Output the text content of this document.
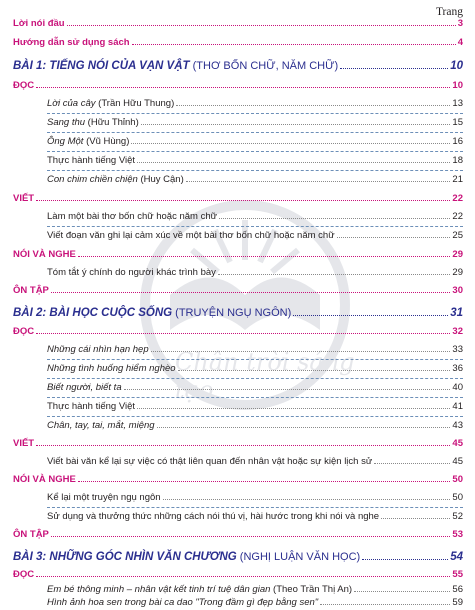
Chân trời sáng tạo
Trang
Lời nói đầu	3
Hướng dẫn sử dụng sách	4
BÀI 1: TIẾNG NÓI CỦA VẠN VẬT (THƠ BỐN CHỮ, NĂM CHỮ)	10
ĐỌC	10
Lời của cây (Trần Hữu Thung)	13
Sang thu (Hữu Thỉnh)	15
Ông Một (Vũ Hùng)	16
Thực hành tiếng Việt	18
Con chim chiền chiện (Huy Cận)	21
VIẾT	22
Làm một bài thơ bốn chữ hoặc năm chữ	22
Viết đoạn văn ghi lại cảm xúc về một bài thơ bốn chữ hoặc năm chữ	25
NÓI VÀ NGHE	29
Tóm tắt ý chính do người khác trình bày	29
ÔN TẬP	30
BÀI 2: BÀI HỌC CUỘC SỐNG (TRUYỆN NGỤ NGÔN)	31
ĐỌC	32
Những cái nhìn hạn hẹp	33
Những tình huống hiểm nghèo	36
Biết người, biết ta	40
Thực hành tiếng Việt	41
Chân, tay, tai, mắt, miệng	43
VIẾT	45
Viết bài văn kể lại sự việc có thật liên quan đến nhân vật hoặc sự kiện lịch sử	45
NÓI VÀ NGHE	50
Kể lại một truyện ngụ ngôn	50
Sử dụng và thưởng thức những cách nói thú vị, hài hước trong khi nói và nghe	52
ÔN TẬP	53
BÀI 3: NHỮNG GÓC NHÌN VĂN CHƯƠNG (NGHỊ LUẬN VĂN HỌC)	54
ĐỌC	55
Em bé thông minh – nhân vật kết tinh trí tuệ dân gian (Theo Trần Thị An)	56
Hình ảnh hoa sen trong bài ca dao "Trong đầm gì đẹp bằng sen"	59
